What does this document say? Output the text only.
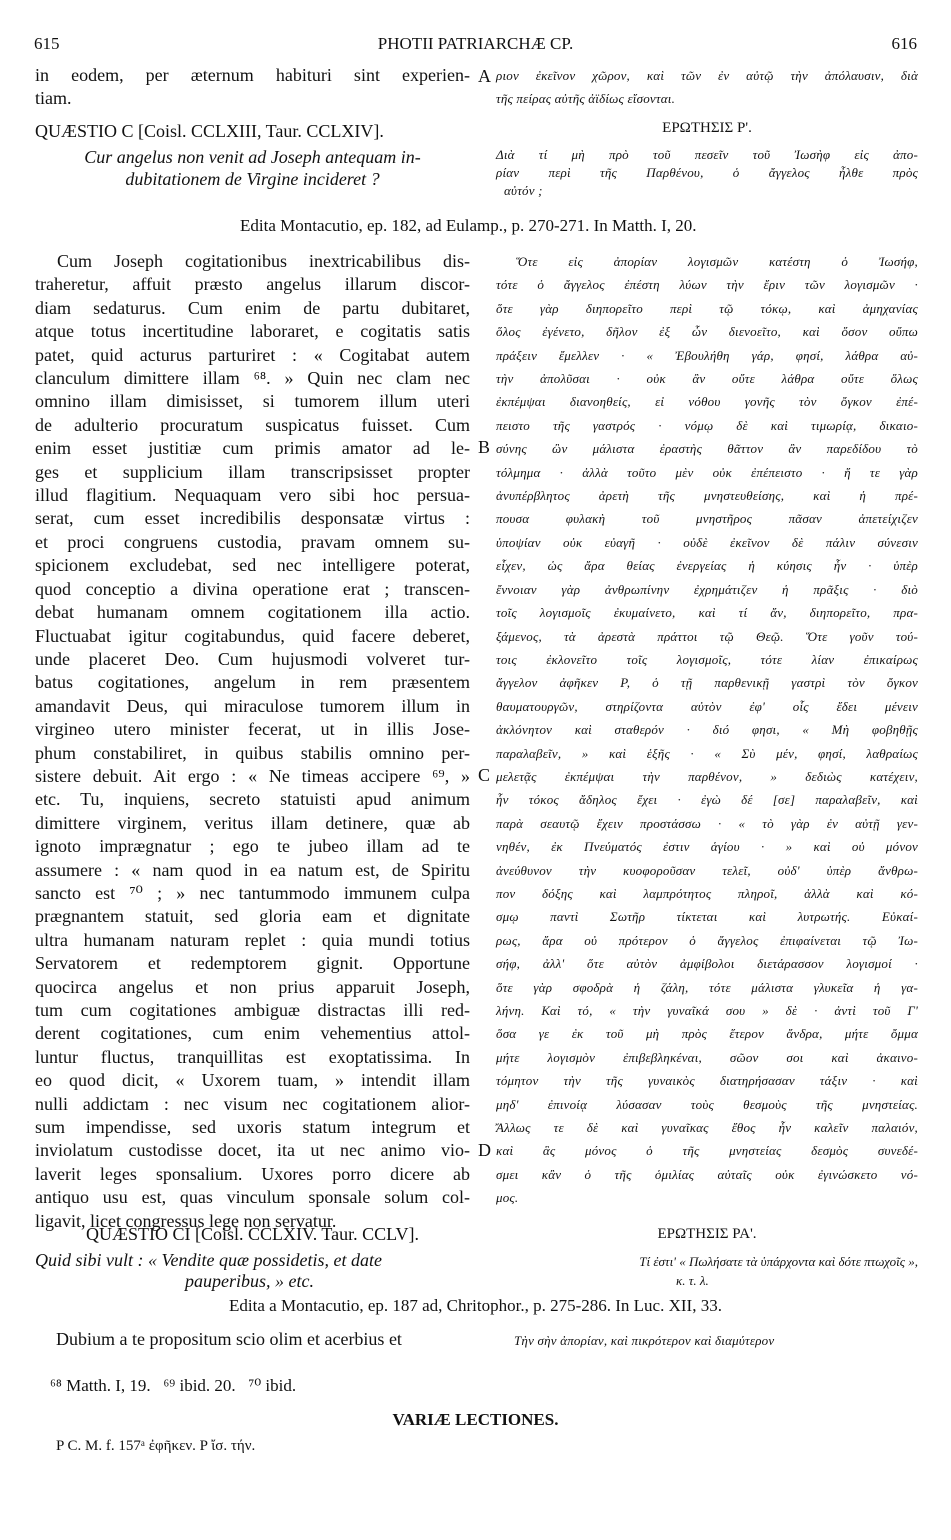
615	PHOTII PATRIARCHÆ CP.	616
in eodem, per æternum habituri sint experien-
tiam.
A ριον ἐκεῖνον χῶρον, καὶ τῶν ἐν αὐτῷ τὴν ἀπόλαυσιν, διὰ
τῆς πείρας αὐτῆς ἀϊδίως εἴσονται.
QUÆSTIO C [Coisl. CCLXIII, Taur. CCLXIV].
Cur angelus non venit ad Joseph antequam in-
dubitationem de Virgine incideret ?
ΕΡΩΤΗΣΙΣ Ρ'.
Διὰ τί μὴ πρὸ τοῦ πεσεῖν τοῦ Ἰωσὴφ εἰς ἀπο-
ρίαν περὶ τῆς Παρθένου, ὁ ἄγγελος ἦλθε πρὸς
αὐτόν ;
Edita Montacutio, ep. 182, ad Eulamp., p. 270-271. In Matth. I, 20.
Cum Joseph cogitationibus inextricabilibus dis-
traheretur, affuit præsto angelus illarum discor-
diam sedaturus. Cum enim de partu dubitaret,
atque totus incertitudine laboraret, e cogitatis satis
patet, quid acturus parturiret : « Cogitabat autem
clanculum dimittere illam ⁶⁸. » Quin nec clam nec
omnino illam dimisisset, si tumorem illum uteri
de adulterio procuratum suspicatus fuisset. Cum
enim esset justitiæ cum primis amator ad le-
ges et supplicium illam transcripsisset propter
illud flagitium. Nequaquam vero sibi hoc persua-
serat, cum esset incredibilis desponsatæ virtus :
et proci congruens custodia, pravam omnem su-
spicionem excludebat, sed nec intelligere poterat,
quod conceptio a divina operatione erat ; transcen-
debat humanam omnem cogitationem illa actio.
Fluctuabat igitur cogitabundus, quid facere deberet,
unde placeret Deo. Cum hujusmodi volveret tur-
batus cogitationes, angelum in rem præsentem
amandavit Deus, qui miraculose tumorem illum in
virgineo utero minister fecerat, ut in illis Jose-
phum constabiliret, in quibus stabilis omnino per-
sistere debuit. Ait ergo : « Ne timeas accipere ⁶⁹, »
etc. Tu, inquiens, secreto statuisti apud animum
dimittere virginem, veritus illam detinere, quæ ab
ignoto imprægnatur ; ego te jubeo illam ad te
assumere : « nam quod in ea natum est, de Spiritu
sancto est ⁷⁰ ; » nec tantummodo immunem culpa
prægnantem statuit, sed gloria eam et dignitate
ultra humanam naturam replet : quia mundi totius
Servatorem et redemptorem gignit. Opportune
quocirca angelus et non prius apparuit Joseph,
tum cum cogitationes ambiguæ distractas illi red-
derent cogitationes, cum enim vehementius attol-
luntur fluctus, tranquillitas est exoptatissima. In
eo quod dicit, « Uxorem tuam, » intendit illam
nulli addictam : nec visum nec cogitationem alior-
sum impendisse, sed uxoris statum integrum et
inviolatum custodisse docet, ita ut nec animo vio-
laverit leges sponsalium. Uxores porro dicere ab
antiquo usu est, quas vinculum sponsale solum col-
ligavit, licet congressus lege non servatur.
B
C
D
Ὅτε εἰς ἀπορίαν λογισμῶν κατέστη ὁ Ἰωσήφ,
τότε ὁ ἄγγελος ἐπέστη λύων τὴν ἔριν τῶν λογισμῶν ·
ὅτε γὰρ διηπορεῖτο περὶ τῷ τόκῳ, καὶ ἀμηχανίας
ὅλος ἐγένετο, δῆλον ἐξ ὧν διενοεῖτο, καὶ ὅσον οὔπω
πράξειν ἔμελλεν · « Ἐβουλήθη γάρ, φησί, λάθρα αὐ-
τὴν ἀπολῦσαι · οὐκ ἂν οὔτε λάθρα οὔτε ὅλως
ἐκπέμψαι διανοηθείς, εἰ νόθου γονῆς τὸν ὄγκον ἐπέ-
πειστο τῆς γαστρός · νόμῳ δὲ καὶ τιμωρίᾳ, δικαιο-
σύνης ὢν μάλιστα ἐραστὴς θᾶττον ἂν παρεδίδου τὸ
τόλμημα · ἀλλὰ τοῦτο μὲν οὐκ ἐπέπειστο · ἥ τε γὰρ
ἀνυπέρβλητος ἀρετὴ τῆς μνηστευθείσης, καὶ ἡ πρέ-
πουσα φυλακὴ τοῦ μνηστῆρος πᾶσαν ἀπετείχιζεν
ὑποψίαν οὐκ εὐαγῆ · οὐδὲ ἐκεῖνον δὲ πάλιν σύνεσιν
εἶχεν, ὡς ἄρα θείας ἐνεργείας ἡ κύησις ἦν · ὑπὲρ
ἔννοιαν γὰρ ἀνθρωπίνην ἐχρημάτιζεν ἡ πρᾶξις · διὸ
τοῖς λογισμοῖς ἐκυμαίνετο, καὶ τί ἄν, διηπορεῖτο, πρα-
ξάμενος, τὰ ἀρεστὰ πράττοι τῷ Θεῷ. Ὅτε γοῦν τού-
τοις ἐκλονεῖτο τοῖς λογισμοῖς, τότε λίαν ἐπικαίρως
ἄγγελον ἀφῆκεν P, ὁ τῇ παρθενικῇ γαστρὶ τὸν ὄγκον
θαυματουργῶν, στηρίζοντα αὐτὸν ἐφ' οἷς ἔδει μένειν
ἀκλόνητον καὶ σταθερόν · διό φησι, « Μὴ φοβηθῇς
παραλαβεῖν, » καὶ ἑξῆς · « Σὺ μέν, φησί, λαθραίως
μελετᾷς ἐκπέμψαι τὴν παρθένον, » δεδιὼς κατέχειν,
ἧν τόκος ἄδηλος ἔχει · ἐγὼ δέ [σε] παραλαβεῖν, καὶ
παρὰ σεαυτῷ ἔχειν προστάσσω · « τὸ γὰρ ἐν αὐτῇ γεν-
νηθέν, ἐκ Πνεύματός ἐστιν ἁγίου · » καὶ οὐ μόνον
ἀνεύθυνον τὴν κυοφοροῦσαν τελεῖ, οὐδ' ὑπὲρ ἄνθρω-
πον δόξης καὶ λαμπρότητος πληροῖ, ἀλλὰ καὶ κό-
σμῳ παντὶ Σωτῆρ τίκτεται καὶ λυτρωτής. Εὐκαί-
ρως, ἄρα οὐ πρότερον ὁ ἄγγελος ἐπιφαίνεται τῷ Ἰω-
σήφ, ἀλλ' ὅτε αὐτὸν ἀμφίβολοι διετάρασσον λογισμοί ·
ὅτε γὰρ σφοδρὰ ἡ ζάλη, τότε μάλιστα γλυκεῖα ἡ γα-
λήνη. Καὶ τό, « τὴν γυναῖκά σου » δὲ · ἀντὶ τοῦ Γ'
ὅσα γε ἐκ τοῦ μὴ πρὸς ἕτερον ἄνδρα, μήτε ὄμμα
μήτε λογισμὸν ἐπιβεβληκέναι, σῶον σοι καὶ ἀκαινο-
τόμητον τὴν τῆς γυναικὸς διατηρήσασαν τάξιν · καὶ
μηδ' ἐπινοίᾳ λύσασαν τοὺς θεσμοὺς τῆς μνηστείας.
Ἄλλως τε δὲ καὶ γυναῖκας ἔθος ἦν καλεῖν παλαιόν,
καὶ ἃς μόνος ὁ τῆς μνηστείας δεσμὸς συνεδέ-
σμει κἂν ὁ τῆς ὁμιλίας αὐταῖς οὐκ ἐγινώσκετο νό-
μος.
QUÆSTIO CI [Coisl. CCLXIV. Taur. CCLV].
Quid sibi vult : « Vendite quæ possidetis, et date
pauperibus, » etc.
ΕΡΩΤΗΣΙΣ ΡΑ'.
Τί ἐστι' « Πωλήσατε τὰ ὑπάρχοντα καὶ δότε πτωχοῖς »,
κ. τ. λ.
Edita a Montacutio, ep. 187 ad, Chritophor., p. 275-286. In Luc. XII, 33.
Dubium a te propositum scio olim et acerbius et	Τὴν σὴν ἀπορίαν, καὶ πικρότερον καὶ διαμύτερον
⁶⁸ Matth. I, 19.   ⁶⁹ ibid. 20.   ⁷⁰ ibid.
VARIÆ LECTIONES.
P C. M. f. 157ᵃ ἐφῆκεν. P ἴσ. τήν.
